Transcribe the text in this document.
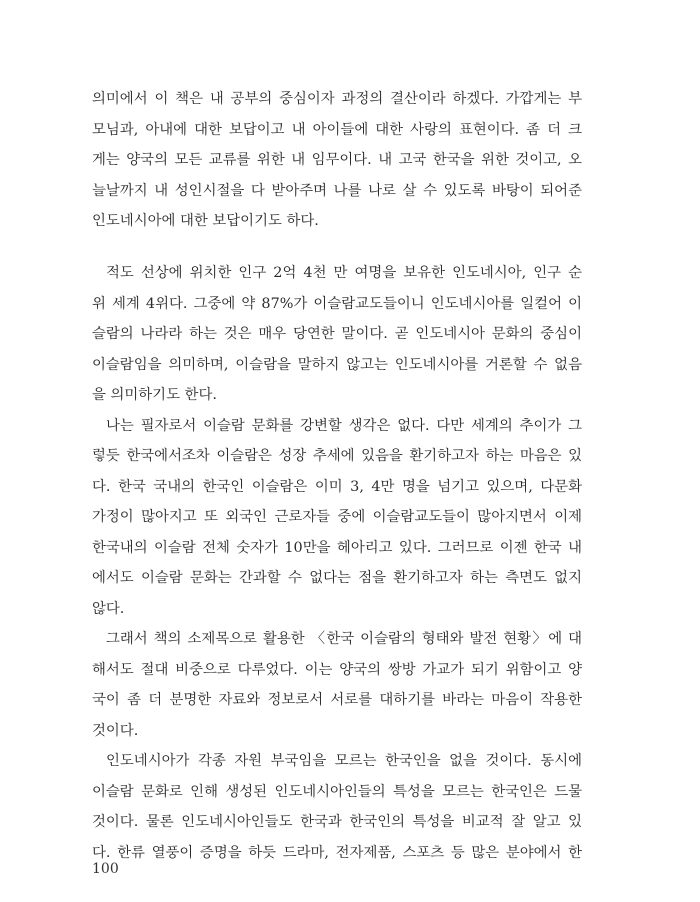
의미에서 이 책은 내 공부의 중심이자 과정의 결산이라 하겠다. 가깝게는 부
모님과, 아내에 대한 보답이고 내 아이들에 대한 사랑의 표현이다. 좀 더 크
게는 양국의 모든 교류를 위한 내 임무이다. 내 고국 한국을 위한 것이고, 오
늘날까지 내 성인시절을 다 받아주며 나를 나로 살 수 있도록 바탕이 되어준
인도네시아에 대한 보답이기도 하다.
적도 선상에 위치한 인구 2억 4천 만 여명을 보유한 인도네시아, 인구 순
위 세계 4위다. 그중에 약 87%가 이슬람교도들이니 인도네시아를 일컬어 이
슬람의 나라라 하는 것은 매우 당연한 말이다. 곧 인도네시아 문화의 중심이
이슬람임을 의미하며, 이슬람을 말하지 않고는 인도네시아를 거론할 수 없음
을 의미하기도 한다.
나는 필자로서 이슬람 문화를 강변할 생각은 없다. 다만 세계의 추이가 그
렇듯 한국에서조차 이슬람은 성장 추세에 있음을 환기하고자 하는 마음은 있
다. 한국 국내의 한국인 이슬람은 이미 3, 4만 명을 넘기고 있으며, 다문화
가정이 많아지고 또 외국인 근로자들 중에 이슬람교도들이 많아지면서 이제
한국내의 이슬람 전체 숫자가 10만을 헤아리고 있다. 그러므로 이젠 한국 내
에서도 이슬람 문화는 간과할 수 없다는 점을 환기하고자 하는 측면도 없지
않다.
그래서 책의 소제목으로 활용한 〈한국 이슬람의 형태와 발전 현황〉에 대
해서도 절대 비중으로 다루었다. 이는 양국의 쌍방 가교가 되기 위함이고 양
국이 좀 더 분명한 자료와 정보로서 서로를 대하기를 바라는 마음이 작용한
것이다.
인도네시아가 각종 자원 부국임을 모르는 한국인을 없을 것이다. 동시에
이슬람 문화로 인해 생성된 인도네시아인들의 특성을 모르는 한국인은 드물
것이다. 물론 인도네시아인들도 한국과 한국인의 특성을 비교적 잘 알고 있
다. 한류 열풍이 증명을 하듯 드라마, 전자제품, 스포츠 등 많은 분야에서 한
100
